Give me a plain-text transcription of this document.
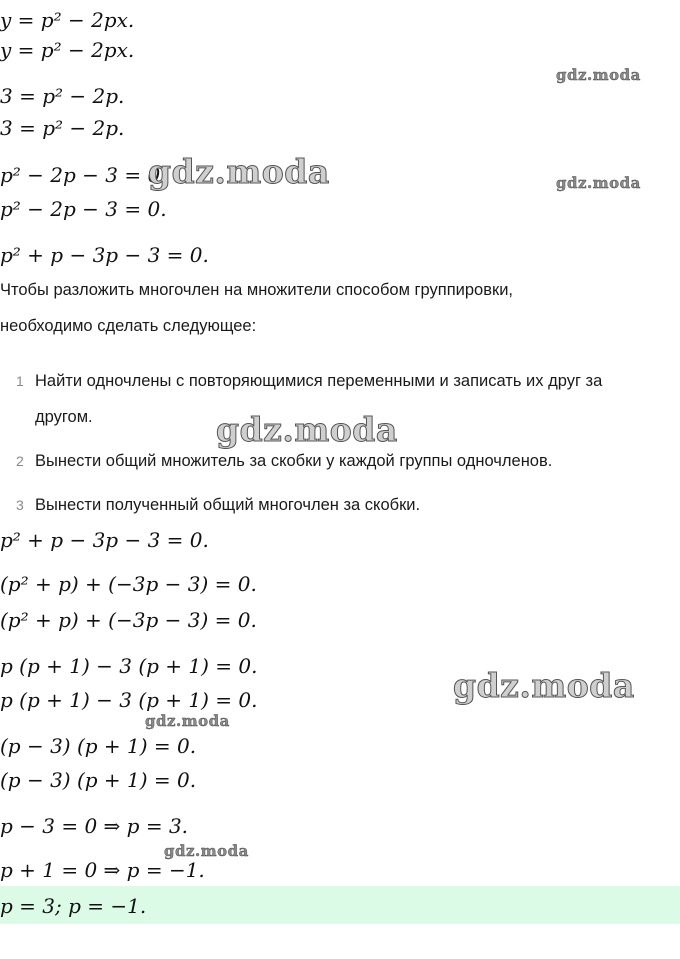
y = p² − 2px.
y = p² − 2px.
3 = p² − 2p.
3 = p² − 2p.
p² − 2p − 3 = 0.
p² − 2p − 3 = 0.
p² + p − 3p − 3 = 0.
Чтобы разложить многочлен на множители способом группировки,
необходимо сделать следующее:
1 Найти одночлены с повторяющимися переменными и записать их друг за
другом.
2 Вынести общий множитель за скобки у каждой группы одночленов.
3 Вынести полученный общий многочлен за скобки.
p² + p − 3p − 3 = 0.
(p² + p) + (−3p − 3) = 0.
(p² + p) + (−3p − 3) = 0.
p (p + 1) − 3 (p + 1) = 0.
p (p + 1) − 3 (p + 1) = 0.
(p − 3) (p + 1) = 0.
(p − 3) (p + 1) = 0.
p − 3 = 0 ⇒ p = 3.
p + 1 = 0 ⇒ p = −1.
p = 3; p = −1.
gdz.moda
gdz.moda	gdz.moda
gdz.moda
gdz.moda
gdz.moda
gdz.moda
